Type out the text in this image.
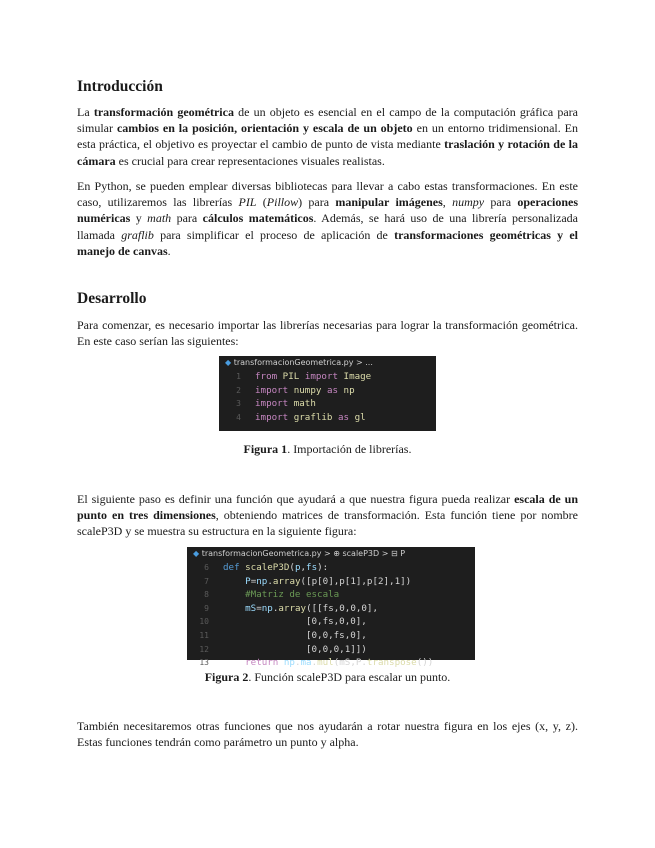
Introducción

La transformación geométrica de un objeto es esencial en el campo de la computación gráfica para simular cambios en la posición, orientación y escala de un objeto en un entorno tridimensional. En esta práctica, el objetivo es proyectar el cambio de punto de vista mediante traslación y rotación de la cámara es crucial para crear representaciones visuales realistas.

En Python, se pueden emplear diversas bibliotecas para llevar a cabo estas transformaciones. En este caso, utilizaremos las librerías PIL (Pillow) para manipular imágenes, numpy para operaciones numéricas y math para cálculos matemáticos. Además, se hará uso de una librería personalizada llamada graflib para simplificar el proceso de aplicación de transformaciones geométricas y el manejo de canvas.

Desarrollo

Para comenzar, es necesario importar las librerías necesarias para lograr la transformación geométrica. En este caso serían las siguientes:

◆ transformacionGeometrica.py > ...
1 from PIL import Image
2 import numpy as np
3 import math
4 import graflib as gl
Figura 1. Importación de librerías.

El siguiente paso es definir una función que ayudará a que nuestra figura pueda realizar escala de un punto en tres dimensiones, obteniendo matrices de transformación. Esta función tiene por nombre scaleP3D y se muestra su estructura en la siguiente figura:

◆ transformacionGeometrica.py > ⊕ scaleP3D > ⊟ P
6 def scaleP3D(p,fs):
7	P=np.array([p[0],p[1],p[2],1])
8	#Matriz de escala
9	mS=np.array([[fs,0,0,0],
10               [0,fs,0,0],
11               [0,0,fs,0],
12               [0,0,0,1]])
13    return np.ma.mul(mS,P.transpose())
Figura 2. Función scaleP3D para escalar un punto.

También necesitaremos otras funciones que nos ayudarán a rotar nuestra figura en los ejes (x, y, z). Estas funciones tendrán como parámetro un punto y alpha.
